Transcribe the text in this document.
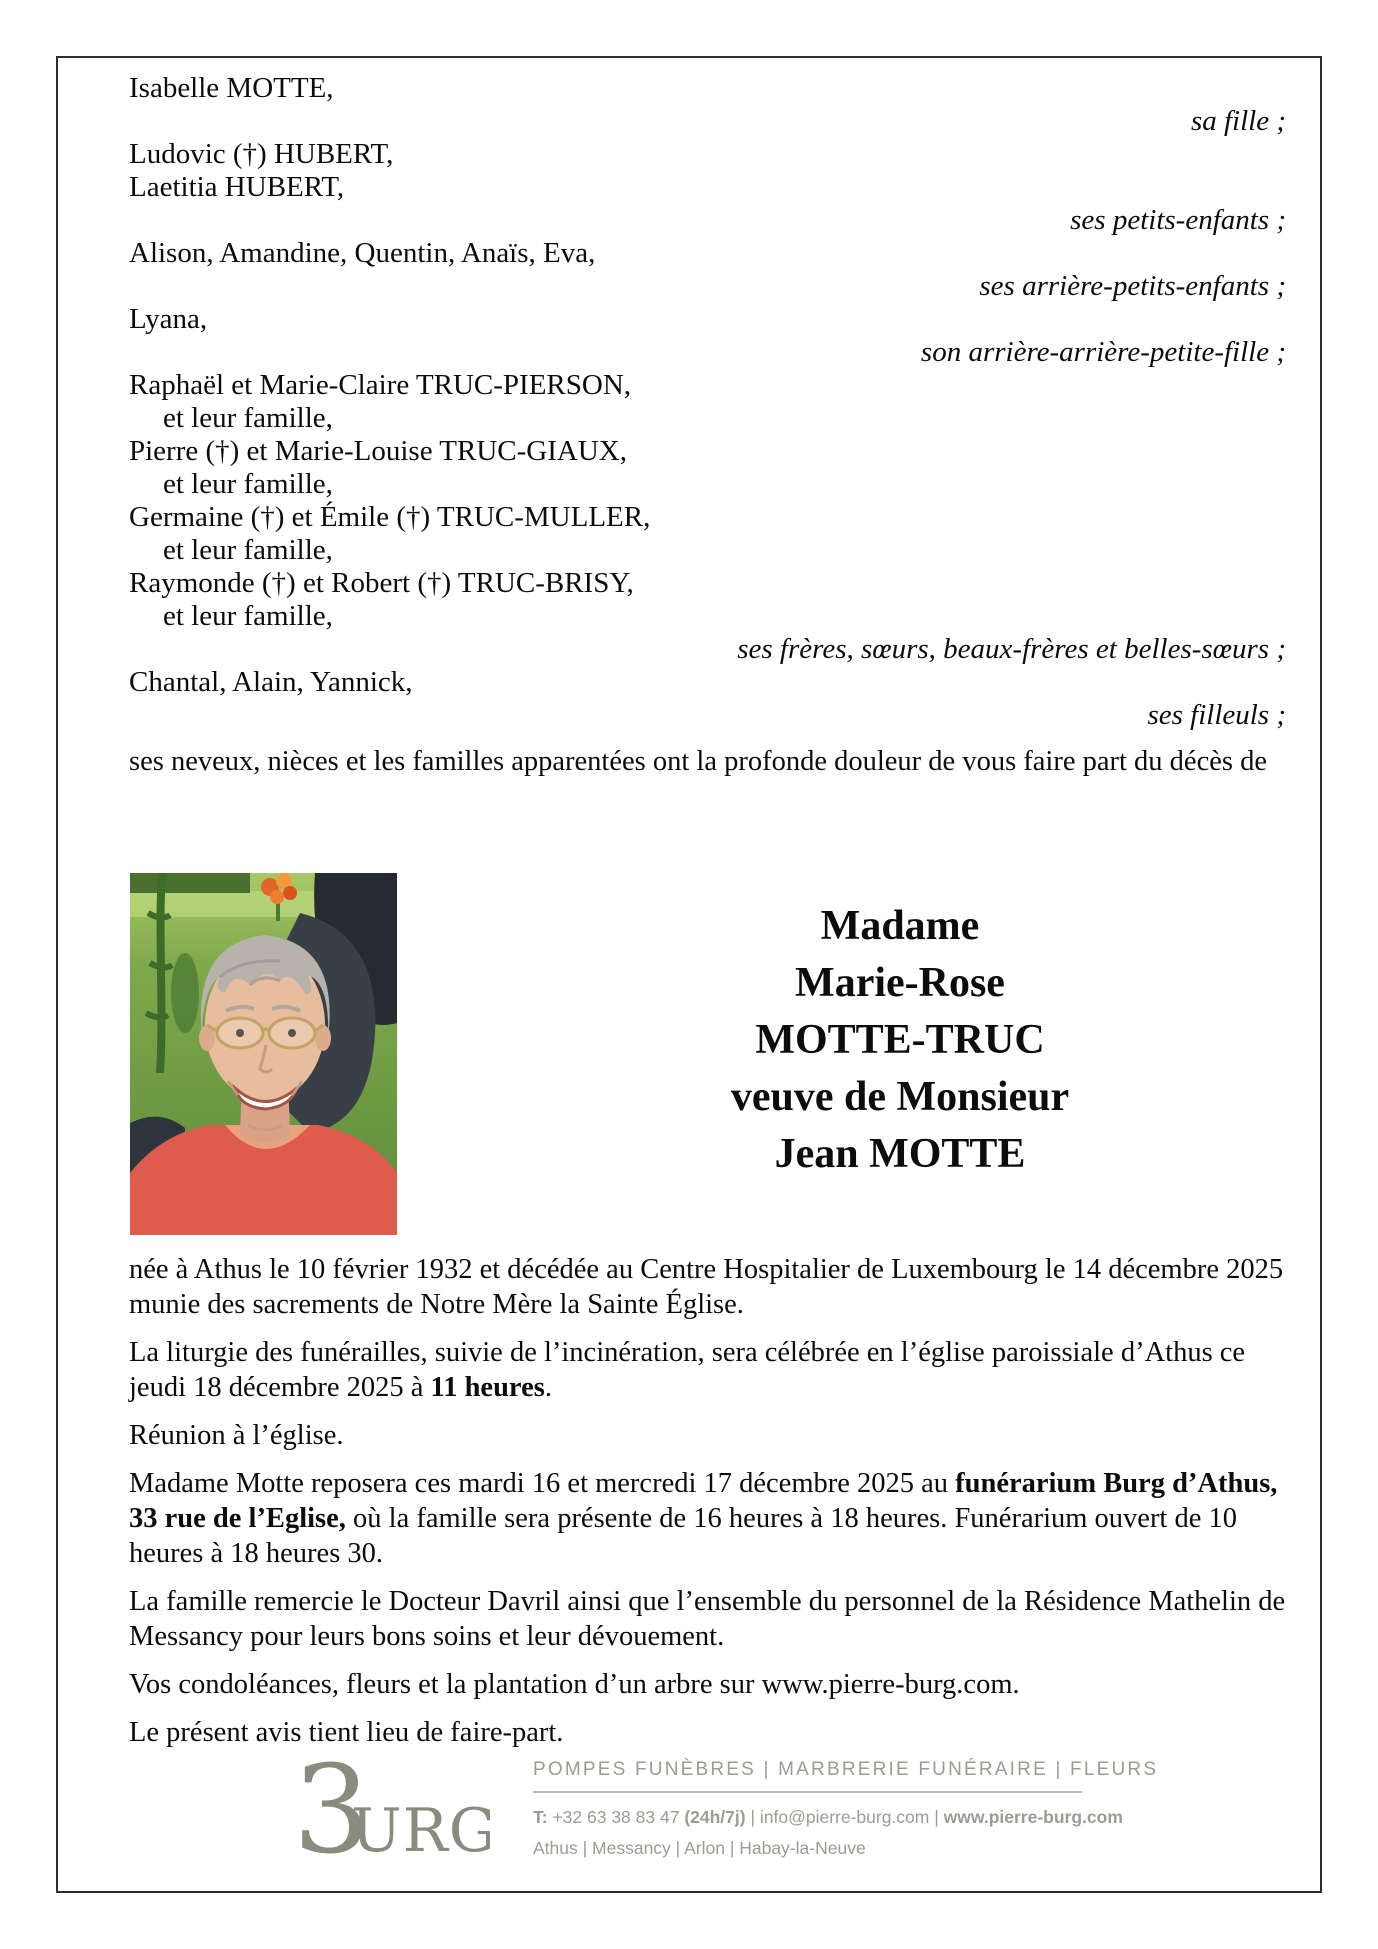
Isabelle MOTTE,
sa fille ;
Ludovic (†) HUBERT,
Laetitia HUBERT,
ses petits-enfants ;
Alison, Amandine, Quentin, Anaïs, Eva,
ses arrière-petits-enfants ;
Lyana,
son arrière-arrière-petite-fille ;
Raphaël et Marie-Claire TRUC-PIERSON,
et leur famille,
Pierre (†) et Marie-Louise TRUC-GIAUX,
et leur famille,
Germaine (†) et Émile (†) TRUC-MULLER,
et leur famille,
Raymonde (†) et Robert (†) TRUC-BRISY,
et leur famille,
ses frères, sœurs, beaux-frères et belles-sœurs ;
Chantal, Alain, Yannick,
ses filleuls ;
ses neveux, nièces et les familles apparentées ont la profonde douleur de vous faire part du décès de
Madame
Marie-Rose
MOTTE-TRUC
veuve de Monsieur
Jean MOTTE

née à Athus le 10 février 1932 et décédée au Centre Hospitalier de Luxembourg le 14 décembre 2025 munie des sacrements de Notre Mère la Sainte Église.

La liturgie des funérailles, suivie de l’incinération, sera célébrée en l’église paroissiale d’Athus ce jeudi 18 décembre 2025 à 11 heures.

Réunion à l’église.

Madame Motte reposera ces mardi 16 et mercredi 17 décembre 2025 au funérarium Burg d’Athus, 33 rue de l’Eglise, où la famille sera présente de 16 heures à 18 heures. Funérarium ouvert de 10 heures à 18 heures 30.

La famille remercie le Docteur Davril ainsi que l’ensemble du personnel de la Résidence Mathelin de Messancy pour leurs bons soins et leur dévouement.

Vos condoléances, fleurs et la plantation d’un arbre sur www.pierre-burg.com.

Le présent avis tient lieu de faire-part.

3
URG
POMPES FUNÈBRES | MARBRERIE FUNÉRAIRE | FLEURS
T: +32 63 38 83 47 (24h/7j) | info@pierre-burg.com | www.pierre-burg.com
Athus | Messancy | Arlon | Habay-la-Neuve
